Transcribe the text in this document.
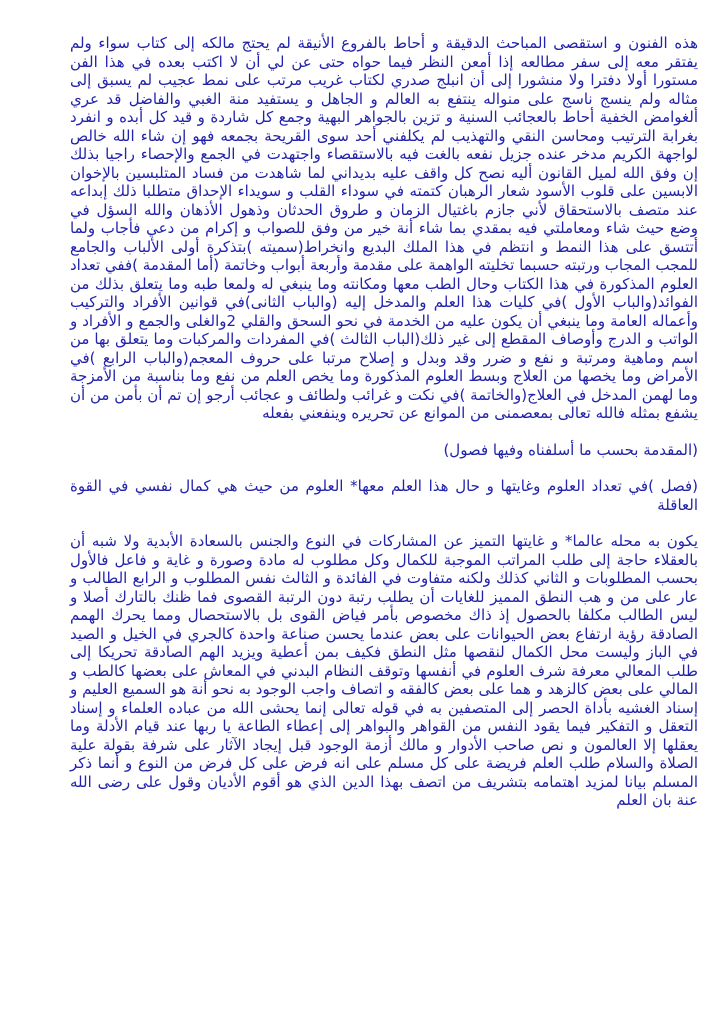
هذه الفنون و استقصى المباحث الدقيقة و أحاط بالفروع الأنيقة لم يحتج مالكه إلى كتاب سواء ولم يفتقر معه إلى سفر مطالعه إذا أمعن النظر فيما حواه حتى عن لي أن لا اكتب بعده في هذا الفن مستورا أولا دفترا ولا منشورا إلى أن انبلج صدري لكتاب غريب مرتب على نمط عجيب لم يسبق إلى مثاله ولم ينسج ناسج على منواله ينتفع به العالم و الجاهل و يستفيد منة الغبي والفاضل قد عري ألغوامض الخفية أحاط بالعجائب السنية و تزين بالجواهر البهية وجمع كل شاردة و قيد كل أبده و انفرد بغرابة الترتيب ومحاسن النقي والتهذيب لم يكلفني أحد سوى القريحة بجمعه فهو إن شاء الله خالص لواجهة الكريم مدخر عنده جزيل نفعه بالغت فيه بالاستقصاء واجتهدت في الجمع والإحصاء راجيا بذلك إن وفق الله لميل القانون أليه نصح كل واقف عليه بديداني لما شاهدت من فساد المتلبسين بالإخوان الابسين على قلوب الأسود شعار الرهبان كتمته في سوداء القلب و سويداء الإحداق متطلبا ذلك إبداعه عند متصف بالاستحقاق لأني جازم باغتيال الزمان و طروق الحدثان وذهول الأذهان والله السؤل في وضع حيث شاء ومعاملتي فيه بمقدي بما شاء أنة خير من وفق للصواب و إكرام من دعي فأجاب ولما أتتسق على هذا النمط و انتظم في هذا الملك البديع وانخراط(سميته )بتذكرة أولى الألباب والجامع للمجب المجاب ورتبته حسبما تخليته الواهمة على مقدمة وأربعة أبواب وخاتمة (أما المقدمة )ففي تعداد العلوم المذكورة في هذا الكتاب وحال الطب معها ومكانته وما ينبغي له ولمعا طبه وما يتعلق بذلك من الفوائد(والباب الأول )في كليات هذا العلم والمدخل إليه (والباب الثانى)في قوانين الأفراد والتركيب وأعماله العامة وما ينبغي أن يكون عليه من الخدمة في نحو السحق والقلي 2والغلى والجمع و الأفراد و الواتب و الدرج وأوصاف المقطع إلى غير ذلك(الباب الثالث )في المفردات والمركبات وما يتعلق بها من اسم وماهية ومرتبة و نفع و ضرر وقد وبدل و إصلاح مرتبا على حروف المعجم(والباب الرابع )في الأمراض وما يخصها من العلاج وبسط العلوم المذكورة وما يخص العلم من نفع وما بناسبة من الأمزجة وما لهمن المدخل في العلاج(والخاتمة )في نكت و غرائب ولطائف و عجائب أرجو إن تم أن بأمن من أن يشفع بمثله فالله تعالى بمعصمنى من الموانع عن تحريره وينفعني بفعله

(المقدمة بحسب ما أسلفناه وفيها فصول)

(فصل )في تعداد العلوم وغايتها و حال هذا العلم معها* العلوم من حيث هي كمال نفسي في القوة العاقلة

يكون به محله عالما* و غايتها التميز عن المشاركات في النوع والجنس بالسعادة الأبدية ولا شبه أن بالعقلاء حاجة إلى طلب المراتب الموجبة للكمال وكل مطلوب له مادة وصورة و غاية و فاعل فالأول بحسب المطلوبات و الثاني كذلك ولكنه متفاوت في الفائدة و الثالث نفس المطلوب و الرابع الطالب و عار على من و هب النطق المميز للغايات أن يطلب رتبة دون الرتبة القصوى فما ظنك بالتارك أصلا و ليس الطالب مكلفا بالحصول إذ ذاك مخصوص بأمر فياض القوى بل بالاستحصال ومما يحرك الهمم الصادقة رؤية ارتفاع بعض الحيوانات على بعض عندما يحسن صناعة واحدة كالجري في الخيل و الصيد في الباز وليست محل الكمال لنقصها مثل النطق فكيف بمن أعطية ويزيد الهم الصادقة تحريكا إلى طلب المعالي معرفة شرف العلوم في أنفسها وتوقف النظام البدني في المعاش على بعضها كالطب و المالي على بعض كالزهد و هما على بعض كالفقه و اتصاف واجب الوجود به نحو أنة هو السميع العليم و إسناد الغشيه بأداة الحصر إلى المتصفين به في قوله تعالى إنما يحشى الله من عباده العلماء و إسناد التعقل و التفكير فيما يقود النفس من القواهر والبواهر إلى إعطاء الطاعة يا ربها عند قيام الأدلة وما يعقلها إلا العالمون و نص صاحب الأدوار و مالك أزمة الوجود قبل إيجاد الآثار على شرفة بقولة علية الصلاة والسلام طلب العلم فريضة على كل مسلم على انه فرض على كل فرض من النوع و أنما ذكر المسلم بيانا لمزيد اهتمامه بتشريف من اتصف بهذا الدين الذي هو أقوم الأديان وقول على رضى الله عنة بان العلم
